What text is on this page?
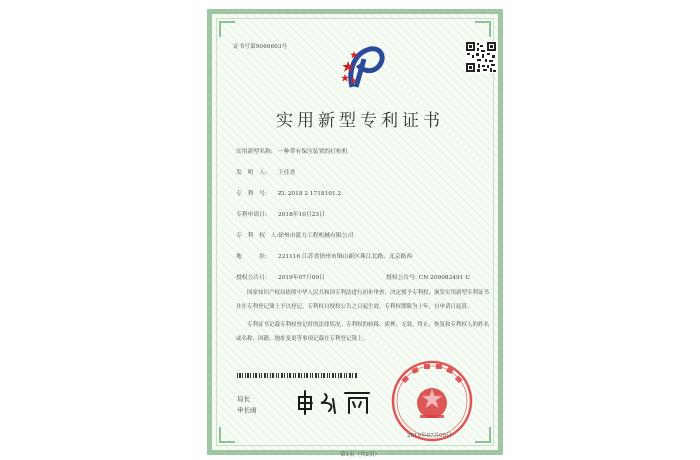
证书号第9066603号
实用新型专利证书
实用新型名称: 一种带有保压装置的打桩机
发　明　人: 王佳喜
专　利　号: ZL 2018 2 1718101.2
专利申请日: 2018年10月23日
专　利　权　人:徐州市派力工程机械有限公司
地　　　址: 221116 江苏省徐州市铜山新区珠江北路、北京路西
授权公告日: 2019年07月09日	授权公告号: CN 209082491 U
国家知识产权局依照中华人民共和国专利法进行初步审查，决定授予专利权，颁发实用新型专利证书并在专利登记簿上予以登记。专利权自授权公告之日起生效。专利权期限为十年，自申请日起算。
专利证书记载专利权登记时的法律状况。专利权的转移、质押、无效、终止、恢复和专利权人的姓名或名称、国籍、地址变更等事项记载在专利登记簿上。
局长
申长雨
2019年07月09日
第1页（共2页）
